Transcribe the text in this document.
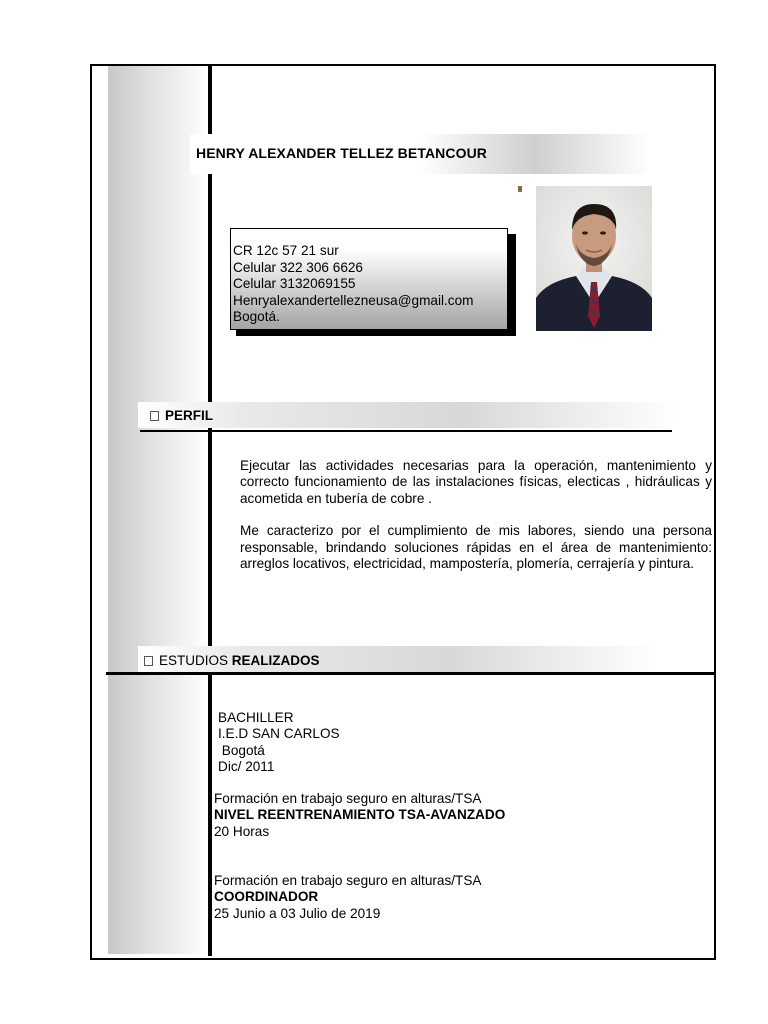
HENRY ALEXANDER TELLEZ BETANCOUR
CR 12c 57 21 sur
Celular 322 306 6626
Celular 3132069155
Henryalexandertellezneusa@gmail.com
Bogotá.
PERFIL

Ejecutar las actividades necesarias para la operación, mantenimiento y correcto funcionamiento de las instalaciones físicas, electicas , hidráulicas y acometida en tubería de cobre .

Me caracterizo por el cumplimiento de mis labores, siendo una persona responsable, brindando soluciones rápidas en el área de mantenimiento: arreglos locativos, electricidad, mampostería, plomería, cerrajería y pintura.

ESTUDIOS REALIZADOS
BACHILLER
I.E.D SAN CARLOS
Bogotá
Dic/ 2011
Formación en trabajo seguro en alturas/TSA
NIVEL REENTRENAMIENTO TSA-AVANZADO
20 Horas
Formación en trabajo seguro en alturas/TSA
COORDINADOR
25 Junio a 03 Julio de 2019
